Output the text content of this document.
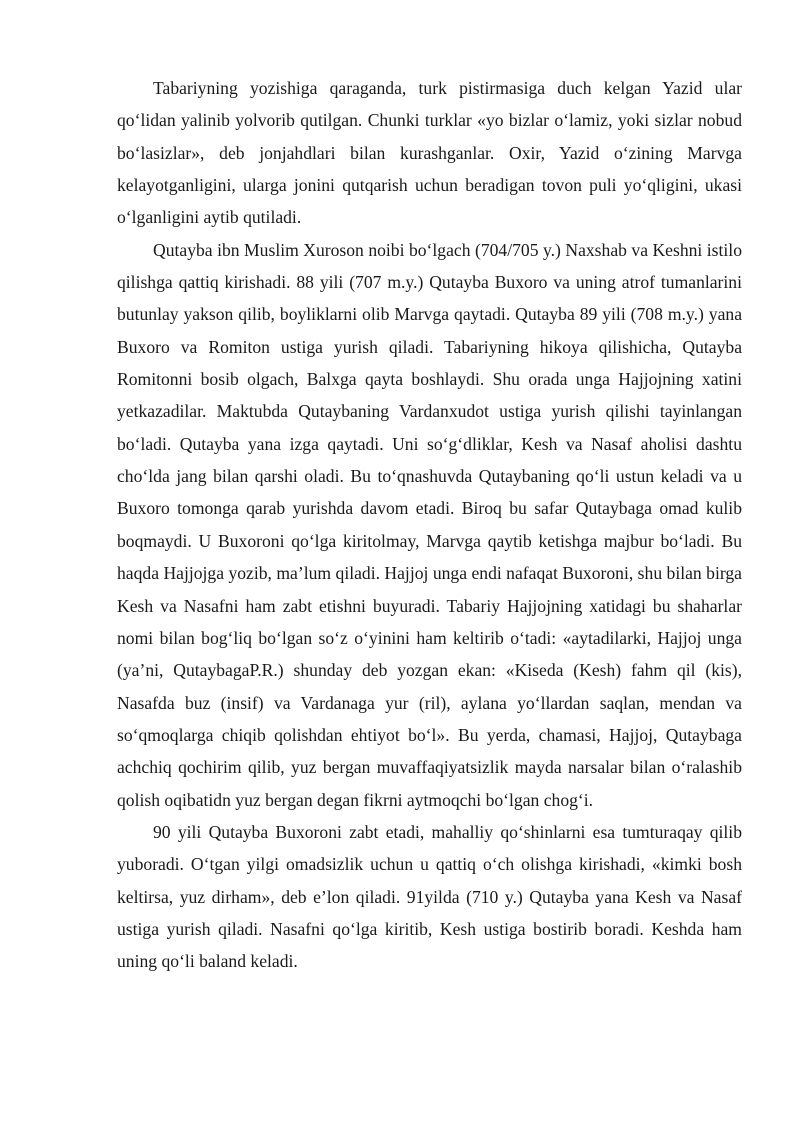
Tabariyning yozishiga qaraganda, turk pistirmasiga duch kelgan Yazid ular qo‘lidan yalinib yolvorib qutilgan. Chunki turklar «yo bizlar o‘lamiz, yoki sizlar nobud bo‘lasizlar», deb jonjahdlari bilan kurashganlar. Oxir, Yazid o‘zining Marvga kelayotganligini, ularga jonini qutqarish uchun beradigan tovon puli yo‘qligini, ukasi o‘lganligini aytib qutiladi.

Qutayba ibn Muslim Xuroson noibi bo‘lgach (704/705 y.) Naxshab va Keshni istilo qilishga qattiq kirishadi. 88 yili (707 m.y.) Qutayba Buxoro va uning atrof tumanlarini butunlay yakson qilib, boyliklarni olib Marvga qaytadi. Qutayba 89 yili (708 m.y.) yana Buxoro va Romiton ustiga yurish qiladi. Tabariyning hikoya qilishicha, Qutayba Romitonni bosib olgach, Balxga qayta boshlaydi. Shu orada unga Hajjojning xatini yetkazadilar. Maktubda Qutaybaning Vardanxudot ustiga yurish qilishi tayinlangan bo‘ladi. Qutayba yana izga qaytadi. Uni so‘g‘dliklar, Kesh va Nasaf aholisi dashtu cho‘lda jang bilan qarshi oladi. Bu to‘qnashuvda Qutaybaning qo‘li ustun keladi va u Buxoro tomonga qarab yurishda davom etadi. Biroq bu safar Qutaybaga omad kulib boqmaydi. U Buxoroni qo‘lga kiritolmay, Marvga qaytib ketishga majbur bo‘ladi. Bu haqda Hajjojga yozib, ma’lum qiladi. Hajjoj unga endi nafaqat Buxoroni, shu bilan birga Kesh va Nasafni ham zabt etishni buyuradi. Tabariy Hajjojning xatidagi bu shaharlar nomi bilan bog‘liq bo‘lgan so‘z o‘yinini ham keltirib o‘tadi: «aytadilarki, Hajjoj unga (ya’ni, QutaybagaP.R.) shunday deb yozgan ekan: «Kiseda (Kesh) fahm qil (kis), Nasafda buz (insif) va Vardanaga yur (ril), aylana yo‘llardan saqlan, mendan va so‘qmoqlarga chiqib qolishdan ehtiyot bo‘l». Bu yerda, chamasi, Hajjoj, Qutaybaga achchiq qochirim qilib, yuz bergan muvaffaqiyatsizlik mayda narsalar bilan o‘ralashib qolish oqibatidn yuz bergan degan fikrni aytmoqchi bo‘lgan chog‘i.

90 yili Qutayba Buxoroni zabt etadi, mahalliy qo‘shinlarni esa tumturaqay qilib yuboradi. O‘tgan yilgi omadsizlik uchun u qattiq o‘ch olishga kirishadi, «kimki bosh keltirsa, yuz dirham», deb e’lon qiladi. 91yilda (710 y.) Qutayba yana Kesh va Nasaf ustiga yurish qiladi. Nasafni qo‘lga kiritib, Kesh ustiga bostirib boradi. Keshda ham uning qo‘li baland keladi.
